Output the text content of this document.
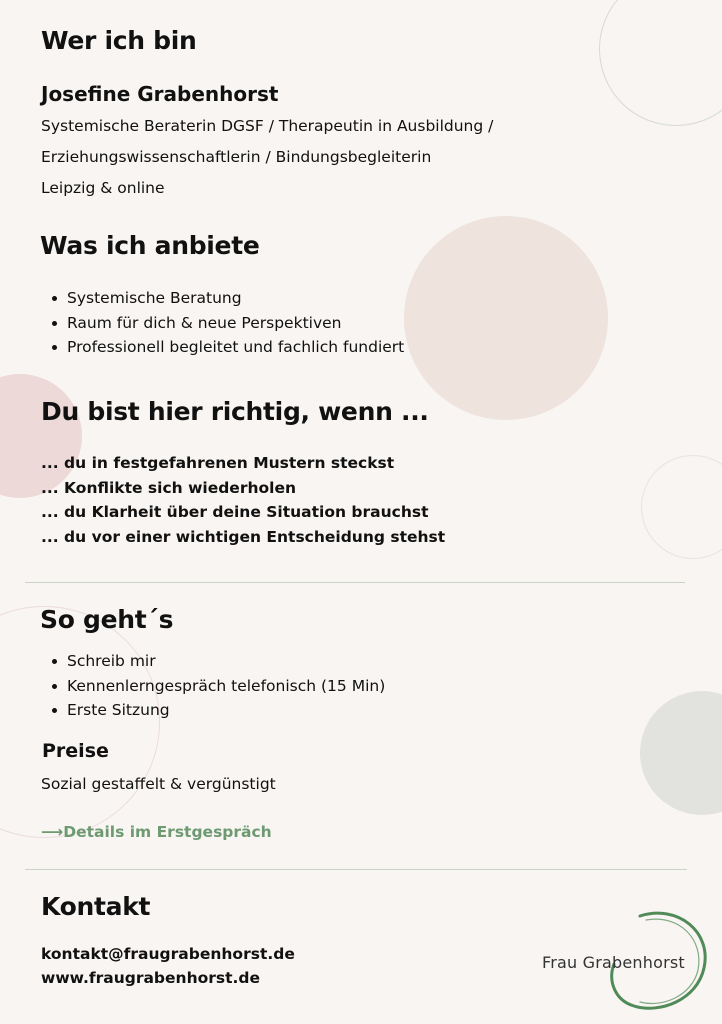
Wer ich bin
Josefine Grabenhorst
Systemische Beraterin DGSF / Therapeutin in Ausbildung /
Erziehungswissenschaftlerin / Bindungsbegleiterin
Leipzig & online
Was ich anbiete
Systemische Beratung
Raum für dich & neue Perspektiven
Professionell begleitet und fachlich fundiert
Du bist hier richtig, wenn ...
... du in festgefahrenen Mustern steckst
... Konflikte sich wiederholen
... du Klarheit über deine Situation brauchst
... du vor einer wichtigen Entscheidung stehst
So geht´s
Schreib mir
Kennenlerngespräch telefonisch (15 Min)
Erste Sitzung
Preise
Sozial gestaffelt & vergünstigt
⟶Details im Erstgespräch
Kontakt
kontakt@fraugrabenhorst.de
www.fraugrabenhorst.de
Frau Grabenhorst
